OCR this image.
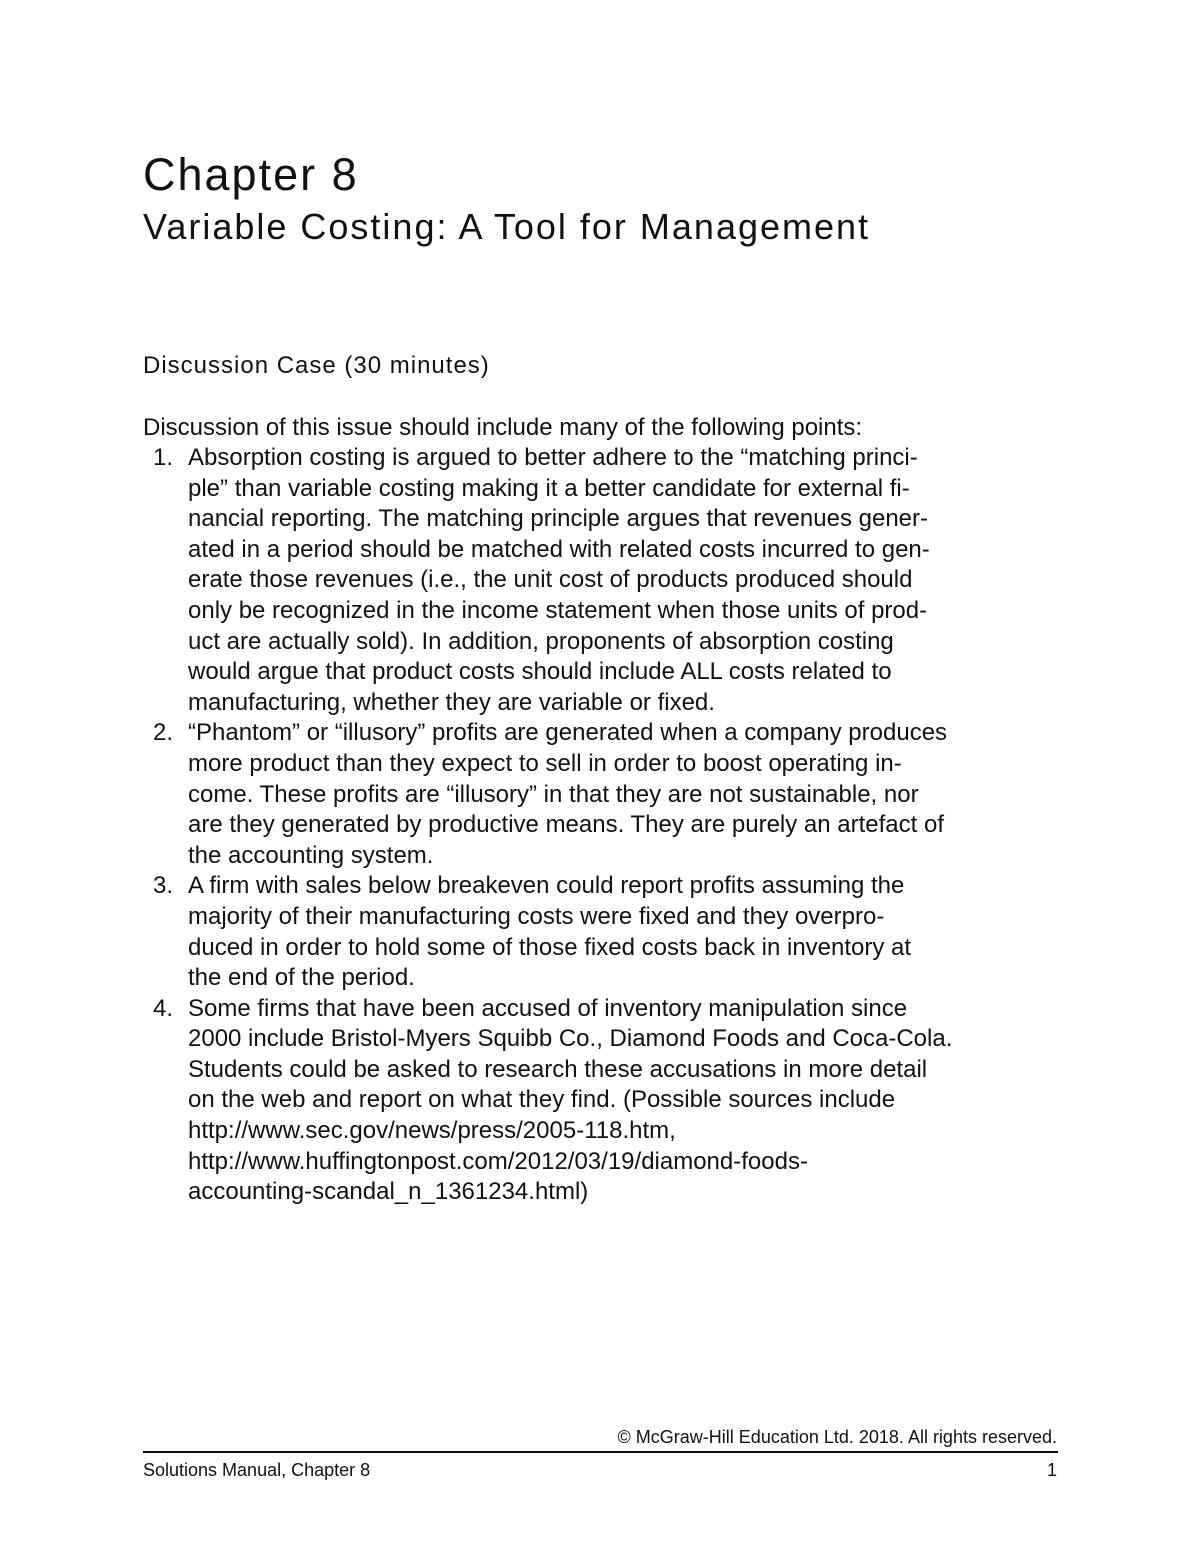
Chapter 8
Variable Costing: A Tool for Management
Discussion Case (30 minutes)
Discussion of this issue should include many of the following points:
1. Absorption costing is argued to better adhere to the “matching princi-
ple” than variable costing making it a better candidate for external fi-
nancial reporting. The matching principle argues that revenues gener-
ated in a period should be matched with related costs incurred to gen-
erate those revenues (i.e., the unit cost of products produced should
only be recognized in the income statement when those units of prod-
uct are actually sold). In addition, proponents of absorption costing
would argue that product costs should include ALL costs related to
manufacturing, whether they are variable or fixed.
2. “Phantom” or “illusory” profits are generated when a company produces
more product than they expect to sell in order to boost operating in-
come. These profits are “illusory” in that they are not sustainable, nor
are they generated by productive means. They are purely an artefact of
the accounting system.
3. A firm with sales below breakeven could report profits assuming the
majority of their manufacturing costs were fixed and they overpro-
duced in order to hold some of those fixed costs back in inventory at
the end of the period.
4. Some firms that have been accused of inventory manipulation since
2000 include Bristol-Myers Squibb Co., Diamond Foods and Coca-Cola.
Students could be asked to research these accusations in more detail
on the web and report on what they find. (Possible sources include
http://www.sec.gov/news/press/2005-118.htm,
http://www.huffingtonpost.com/2012/03/19/diamond-foods-
accounting-scandal_n_1361234.html)
© McGraw-Hill Education Ltd. 2018. All rights reserved.
Solutions Manual, Chapter 8	1
